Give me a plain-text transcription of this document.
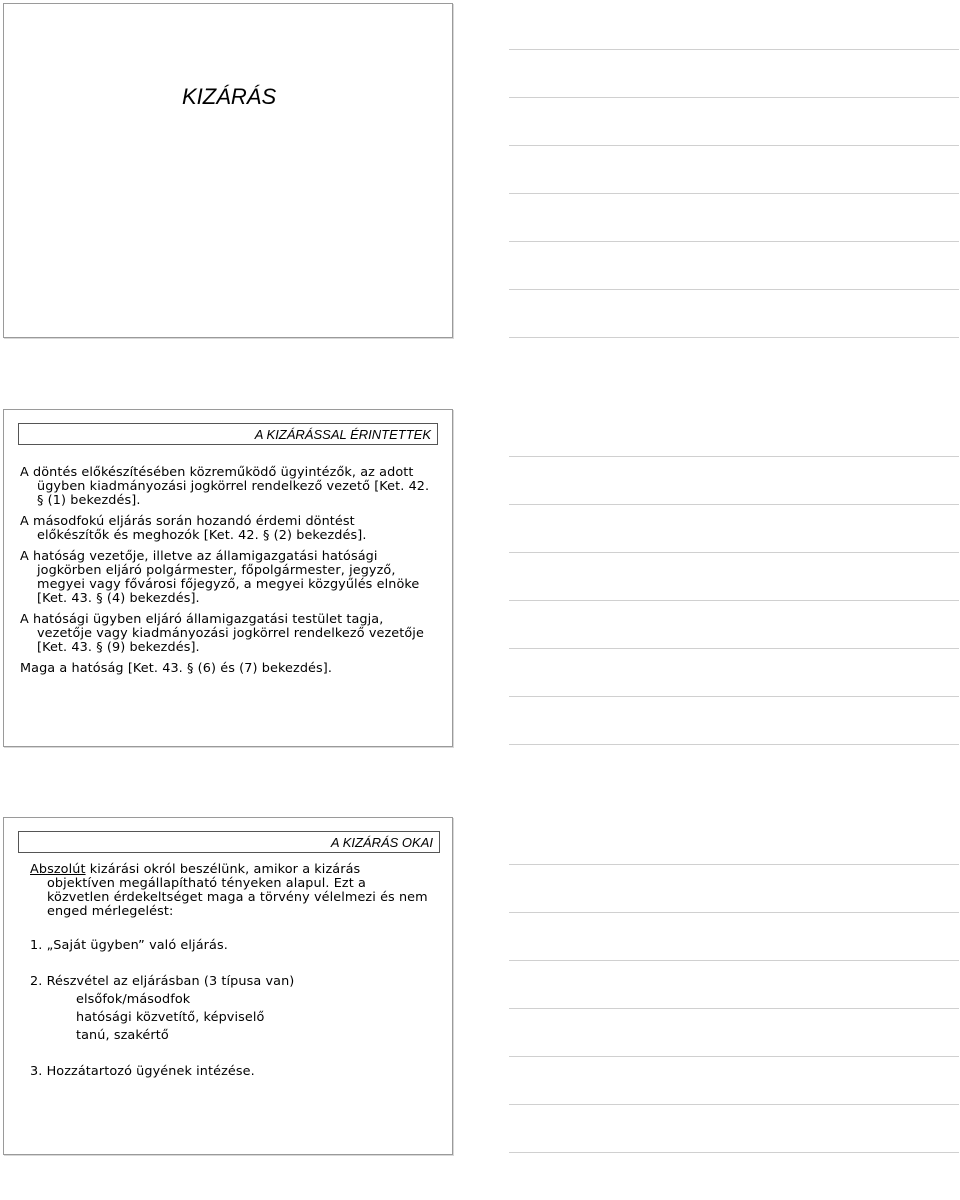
KIZÁRÁS
A KIZÁRÁSSAL ÉRINTETTEK

A döntés előkészítésében közreműködő ügyintézők, az adott ügyben kiadmányozási jogkörrel rendelkező vezető [Ket. 42. § (1) bekezdés].

A másodfokú eljárás során hozandó érdemi döntést előkészítők és meghozók [Ket. 42. § (2) bekezdés].

A hatóság vezetője, illetve az államigazgatási hatósági jogkörben eljáró polgármester, főpolgármester, jegyző, megyei vagy fővárosi főjegyző, a megyei közgyűlés elnöke [Ket. 43. § (4) bekezdés].

A hatósági ügyben eljáró államigazgatási testület tagja, vezetője vagy kiadmányozási jogkörrel rendelkező vezetője [Ket. 43. § (9) bekezdés].

Maga a hatóság [Ket. 43. § (6) és (7) bekezdés].

A KIZÁRÁS OKAI

Abszolút kizárási okról beszélünk, amikor a kizárás objektíven megállapítható tényeken alapul. Ezt a közvetlen érdekeltséget maga a törvény vélelmezi és nem enged mérlegelést:

1. „Saját ügyben” való eljárás.

2. Részvétel az eljárásban (3 típusa van)

elsőfok/másodfok

hatósági közvetítő, képviselő

tanú, szakértő

3. Hozzátartozó ügyének intézése.
